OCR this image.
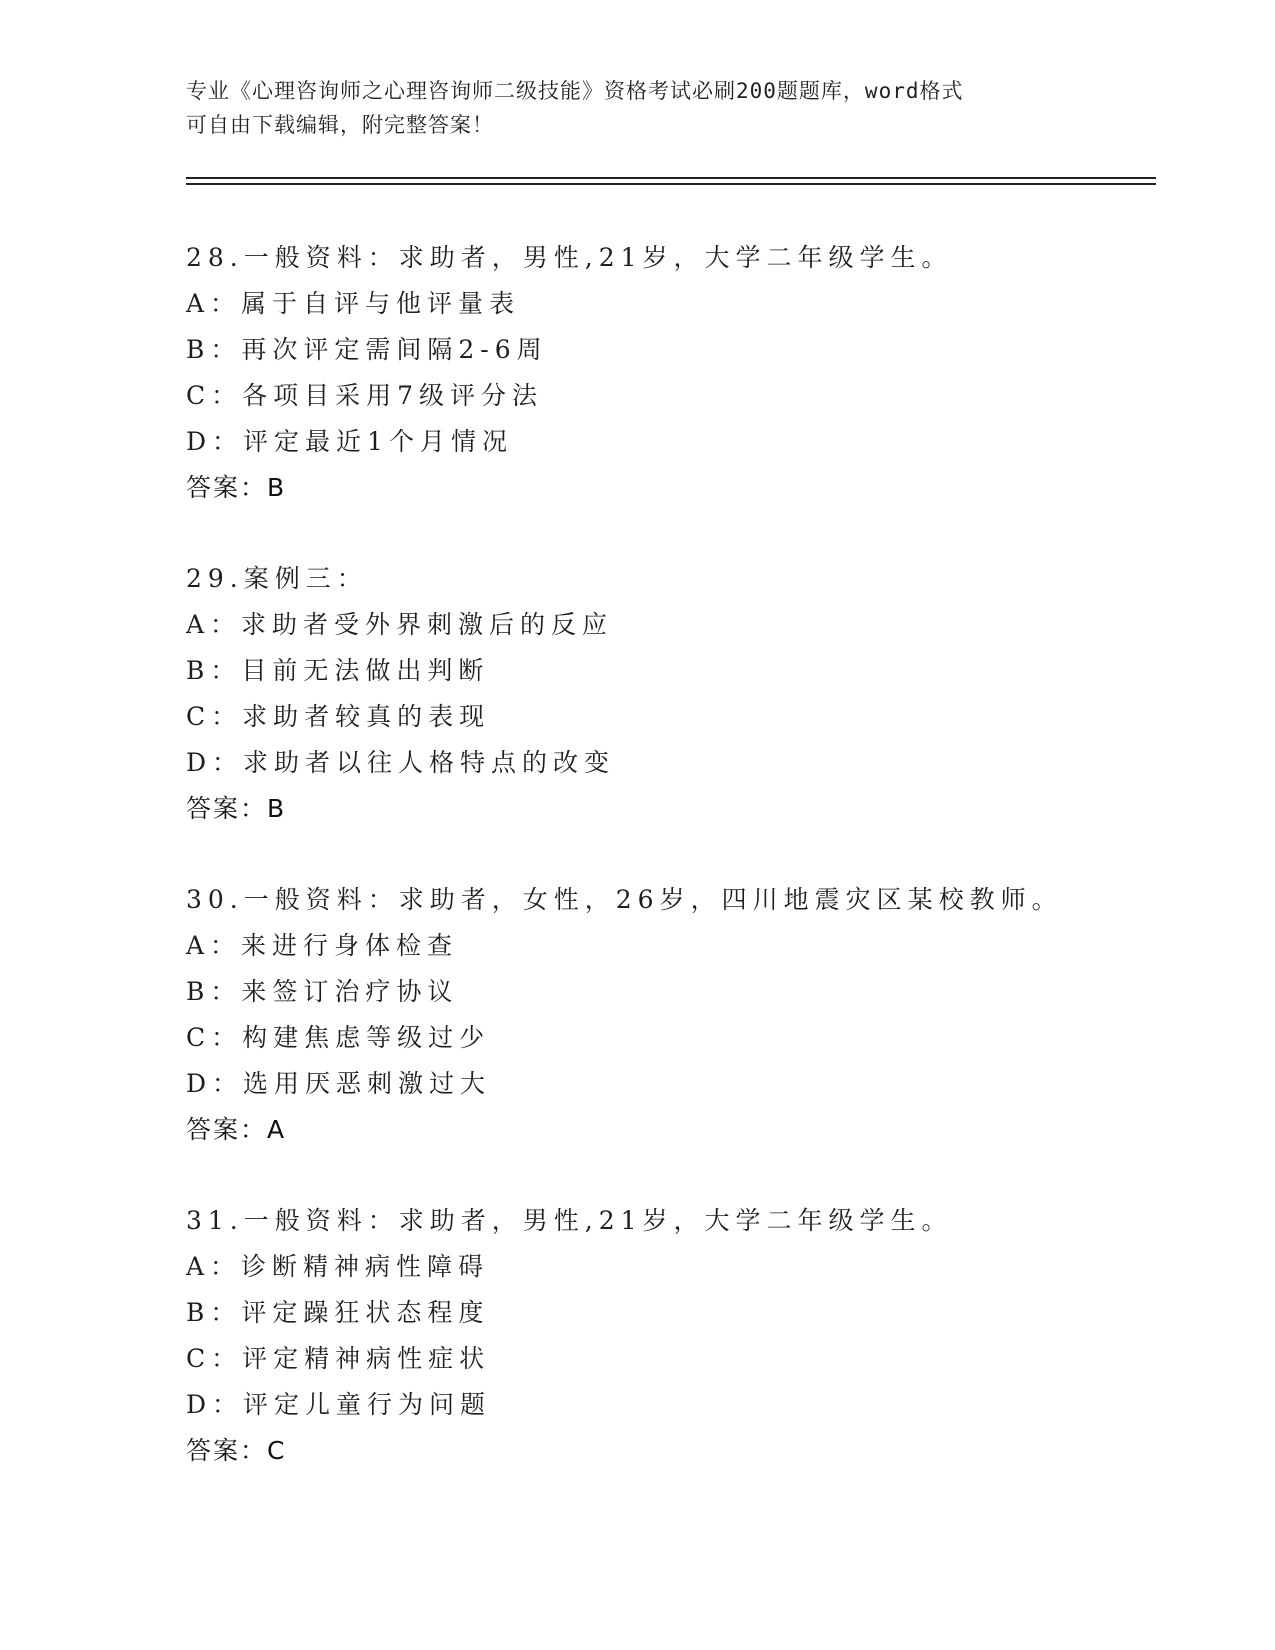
专业《心理咨询师之心理咨询师二级技能》资格考试必刷200题题库，word格式
可自由下载编辑，附完整答案！
28.一般资料：求助者，男性,21岁，大学二年级学生。
A：属于自评与他评量表
B：再次评定需间隔2-6周
C：各项目采用7级评分法
D：评定最近1个月情况
答案：B
29.案例三：
A：求助者受外界刺激后的反应
B：目前无法做出判断
C：求助者较真的表现
D：求助者以往人格特点的改变
答案：B
30.一般资料：求助者，女性，26岁，四川地震灾区某校教师。
A：来进行身体检查
B：来签订治疗协议
C：构建焦虑等级过少
D：选用厌恶刺激过大
答案：A
31.一般资料：求助者，男性,21岁，大学二年级学生。
A：诊断精神病性障碍
B：评定躁狂状态程度
C：评定精神病性症状
D：评定儿童行为问题
答案：C
